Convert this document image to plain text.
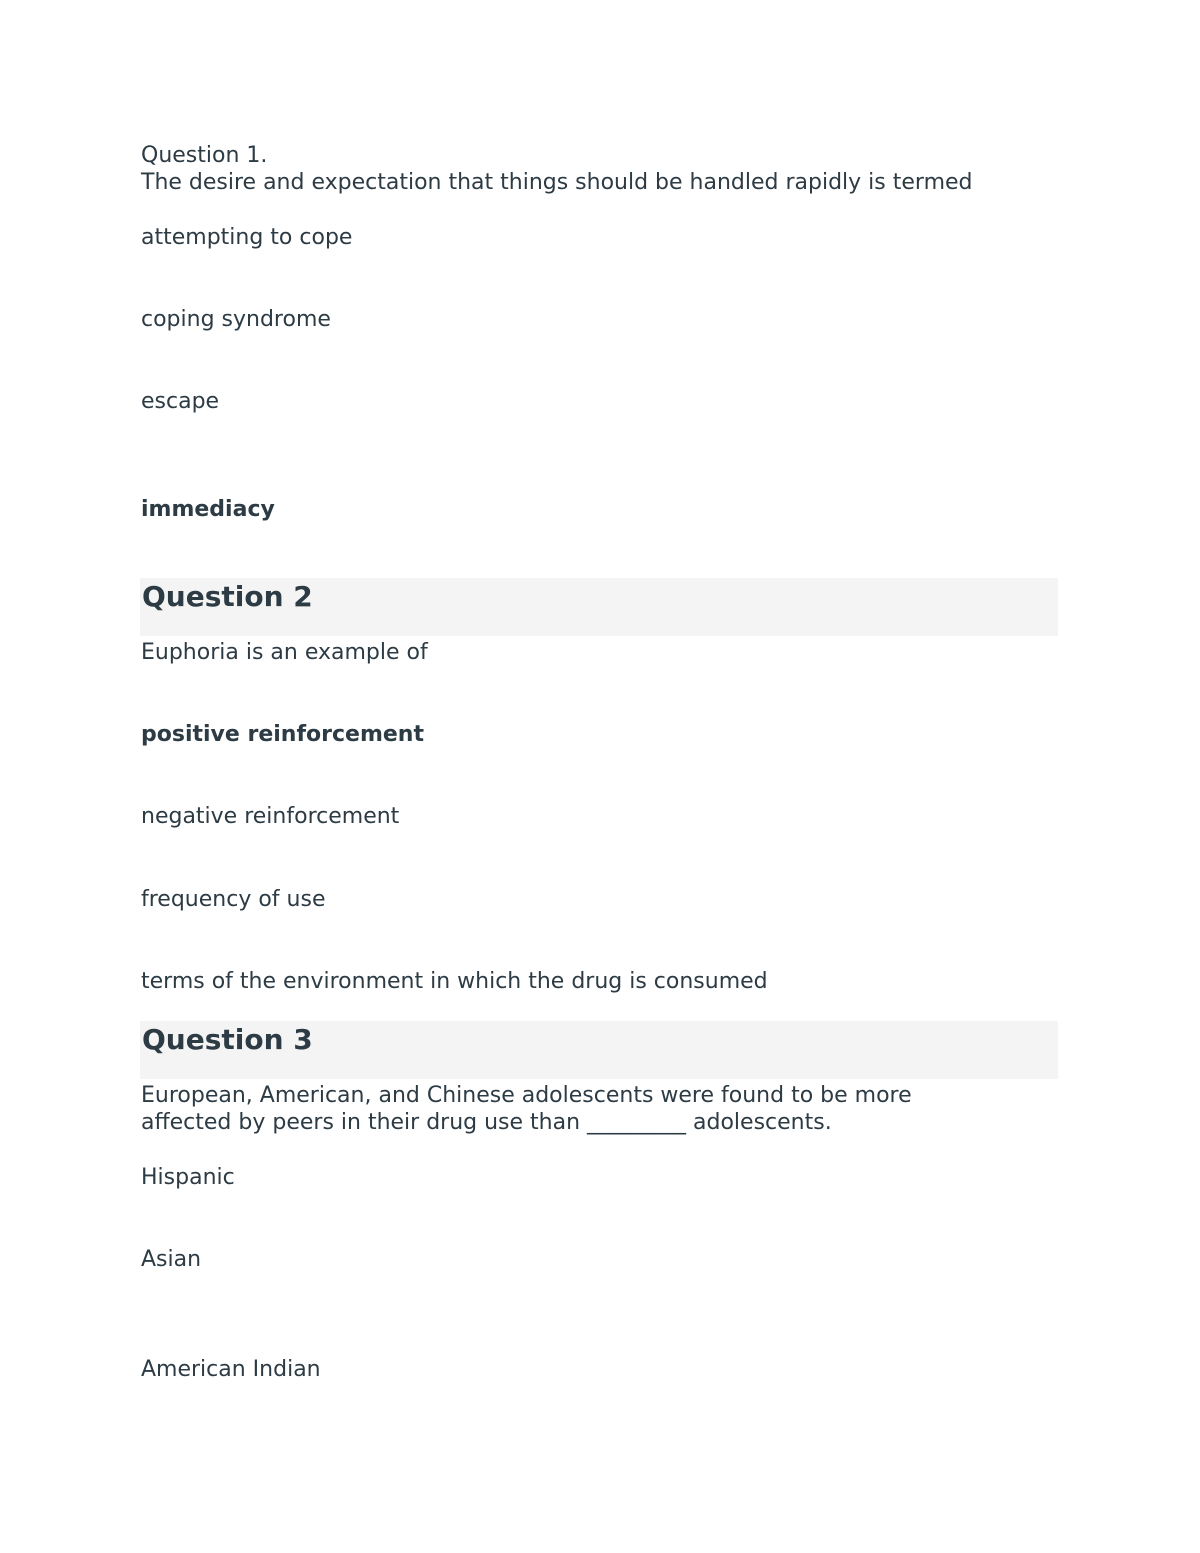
Question 1.

The desire and expectation that things should be handled rapidly is termed

attempting to cope

coping syndrome

escape

immediacy

Question 2

Euphoria is an example of

positive reinforcement

negative reinforcement

frequency of use

terms of the environment in which the drug is consumed

Question 3

European, American, and Chinese adolescents were found to be more

affected by peers in their drug use than _________ adolescents.

Hispanic

Asian

American Indian
